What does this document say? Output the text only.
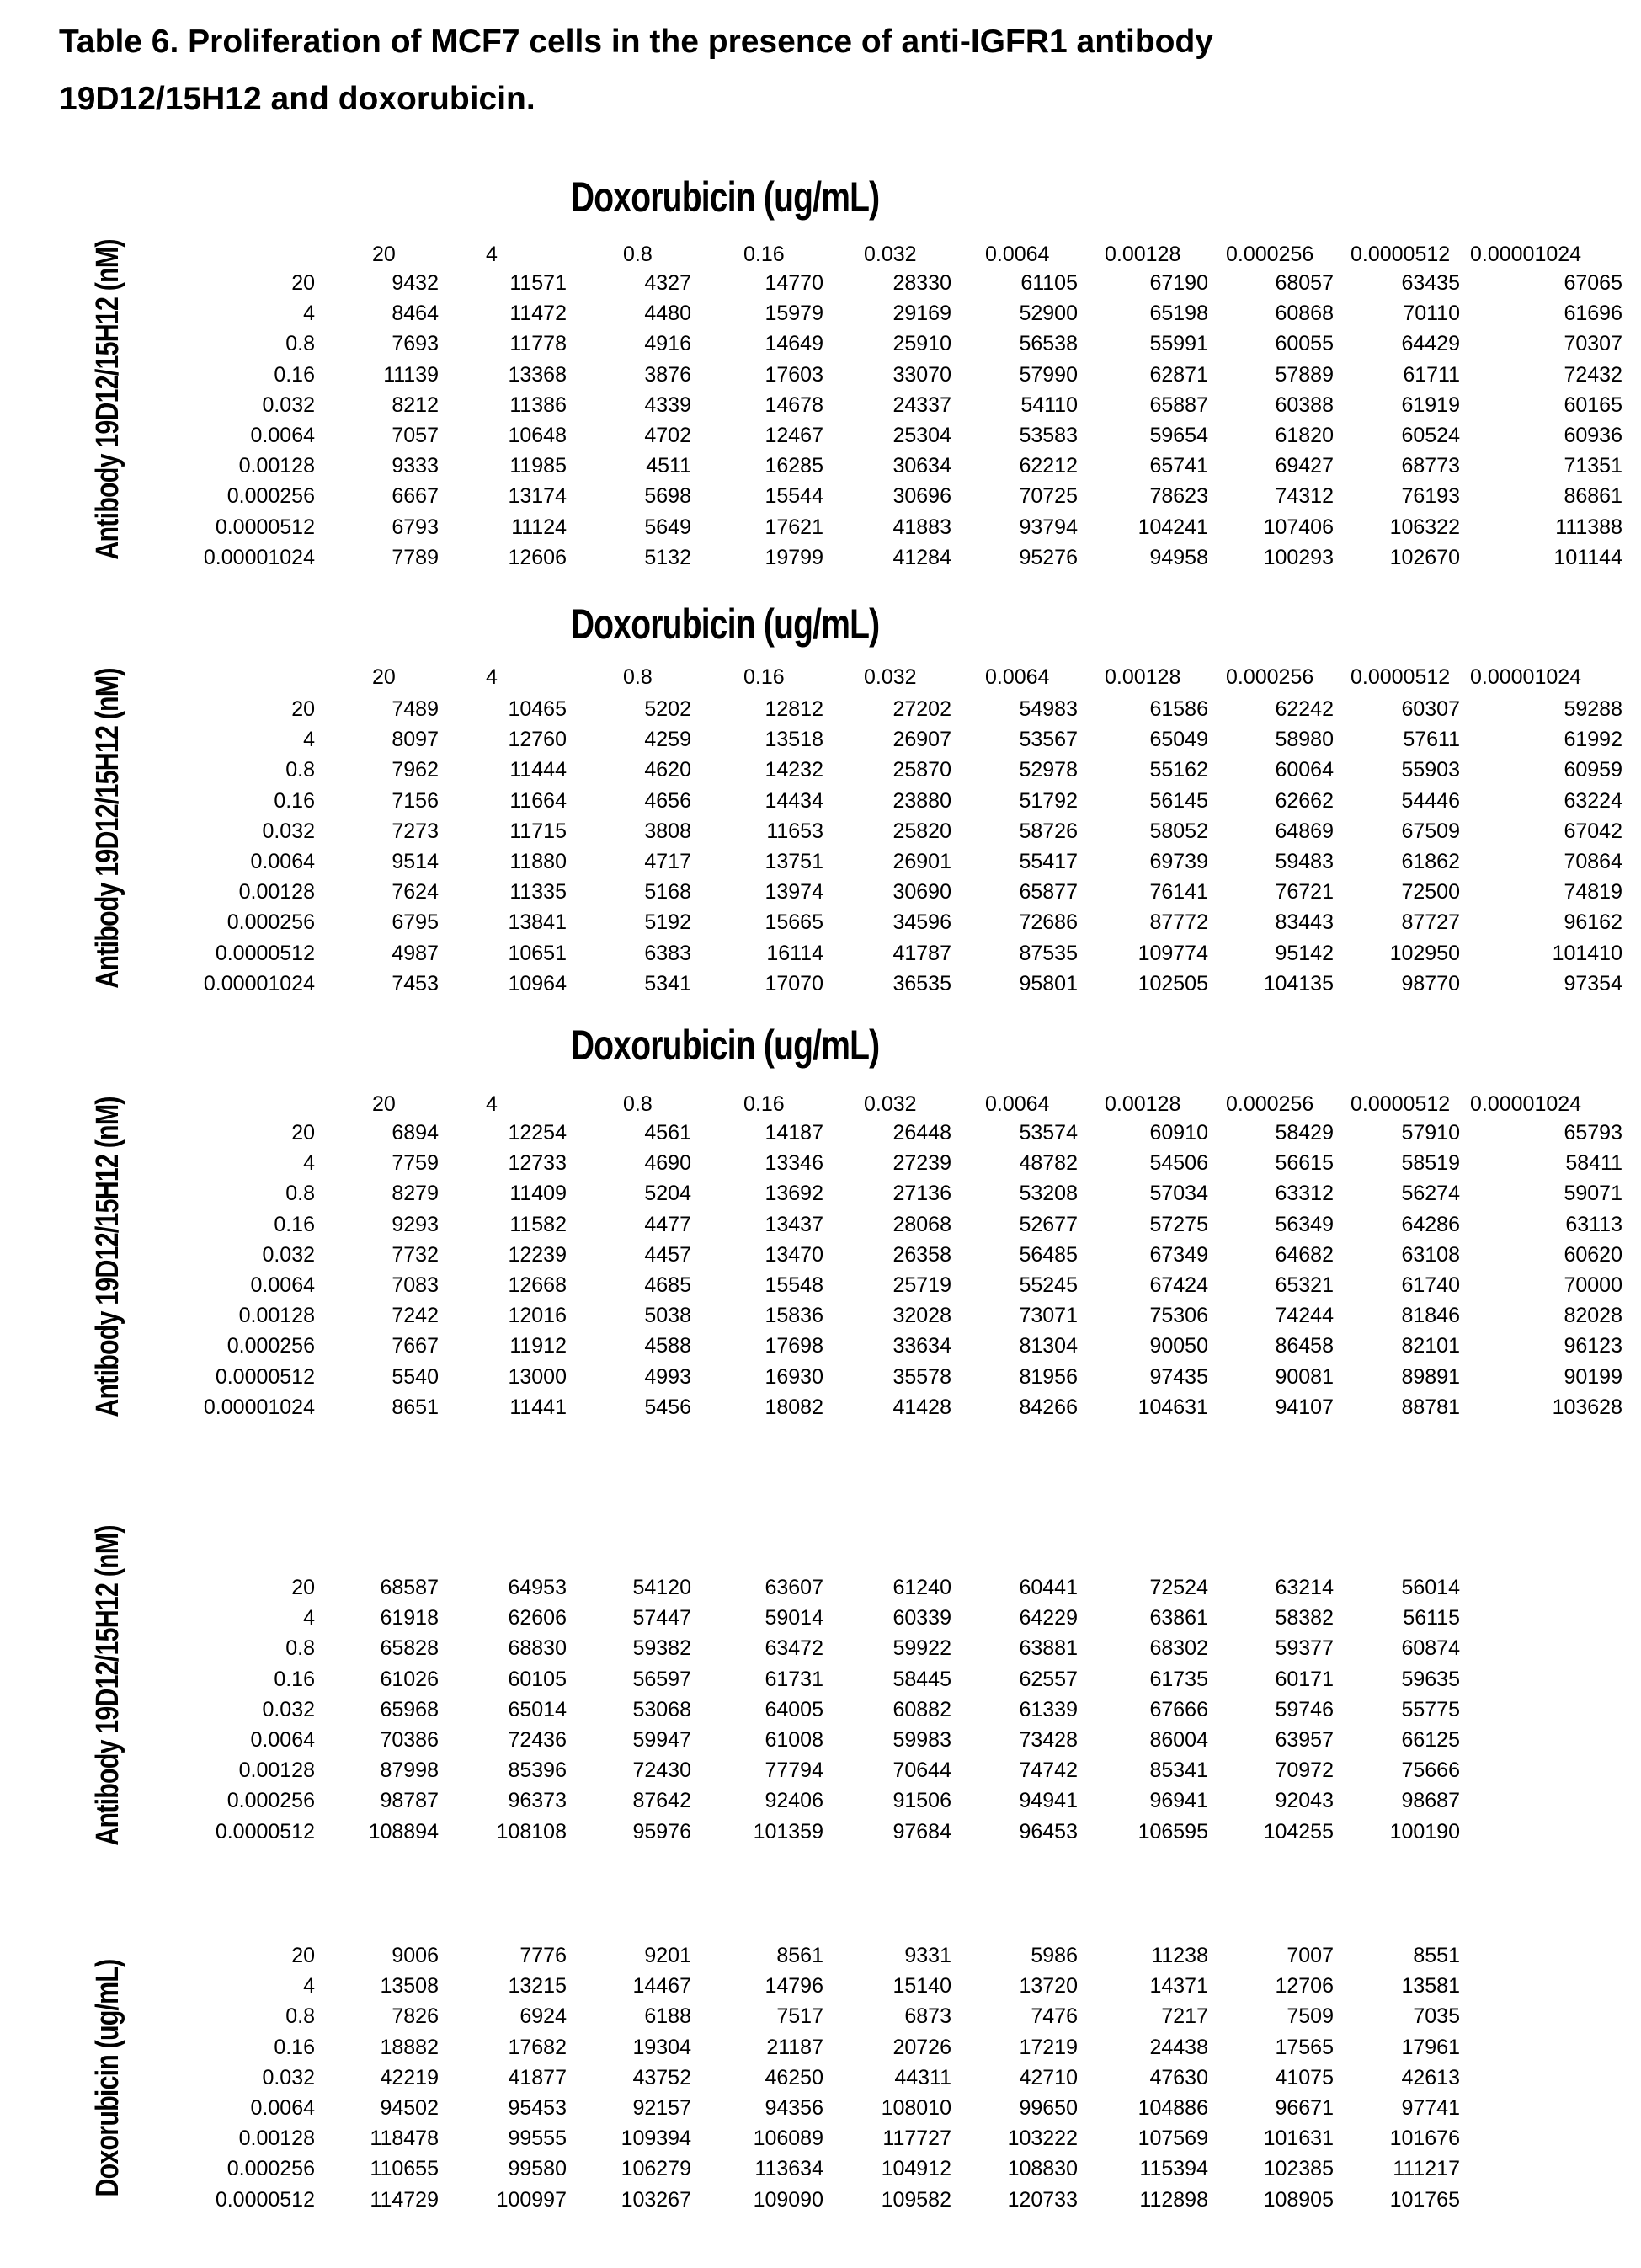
Table 6. Proliferation of MCF7 cells in the presence of anti-IGFR1 antibody
19D12/15H12 and doxorubicin.
Doxorubicin (ug/mL)
Antibody 19D12/15H12 (nM)	20	4	0.8	0.16	0.032	0.0064	0.00128 0.000256 0.0000512 0.00001024
20	9432	11571	4327	14770	28330	61105	67190	68057	63435	67065
4	8464	11472	4480	15979	29169	52900	65198	60868	70110	61696
0.8	7693	11778	4916	14649	25910	56538	55991	60055	64429	70307
0.16	11139	13368	3876	17603	33070	57990	62871	57889	61711	72432
0.032	8212	11386	4339	14678	24337	54110	65887	60388	61919	60165
0.0064	7057	10648	4702	12467	25304	53583	59654	61820	60524	60936
0.00128	9333	11985	4511	16285	30634	62212	65741	69427	68773	71351
0.000256	6667	13174	5698	15544	30696	70725	78623	74312	76193	86861
0.0000512	6793	11124	5649	17621	41883	93794	104241	107406	106322	111388
0.00001024	7789	12606	5132	19799	41284	95276	94958	100293	102670	101144
Doxorubicin (ug/mL)
Antibody 19D12/15H12 (nM)	20	4	0.8	0.16	0.032	0.0064	0.00128 0.000256 0.0000512 0.00001024
20	7489	10465	5202	12812	27202	54983	61586	62242	60307	59288
4	8097	12760	4259	13518	26907	53567	65049	58980	57611	61992
0.8	7962	11444	4620	14232	25870	52978	55162	60064	55903	60959
0.16	7156	11664	4656	14434	23880	51792	56145	62662	54446	63224
0.032	7273	11715	3808	11653	25820	58726	58052	64869	67509	67042
0.0064	9514	11880	4717	13751	26901	55417	69739	59483	61862	70864
0.00128	7624	11335	5168	13974	30690	65877	76141	76721	72500	74819
0.000256	6795	13841	5192	15665	34596	72686	87772	83443	87727	96162
0.0000512	4987	10651	6383	16114	41787	87535	109774	95142	102950	101410
0.00001024	7453	10964	5341	17070	36535	95801	102505	104135	98770	97354
Doxorubicin (ug/mL)
Antibody 19D12/15H12 (nM)	20	4	0.8	0.16	0.032	0.0064	0.00128 0.000256 0.0000512 0.00001024
20	6894	12254	4561	14187	26448	53574	60910	58429	57910	65793
4	7759	12733	4690	13346	27239	48782	54506	56615	58519	58411
0.8	8279	11409	5204	13692	27136	53208	57034	63312	56274	59071
0.16	9293	11582	4477	13437	28068	52677	57275	56349	64286	63113
0.032	7732	12239	4457	13470	26358	56485	67349	64682	63108	60620
0.0064	7083	12668	4685	15548	25719	55245	67424	65321	61740	70000
0.00128	7242	12016	5038	15836	32028	73071	75306	74244	81846	82028
0.000256	7667	11912	4588	17698	33634	81304	90050	86458	82101	96123
0.0000512	5540	13000	4993	16930	35578	81956	97435	90081	89891	90199
0.00001024	8651	11441	5456	18082	41428	84266	104631	94107	88781	103628
Antibody 19D12/15H12 (nM)	20	68587	64953	54120	63607	61240	60441	72524	63214	56014
4	61918	62606	57447	59014	60339	64229	63861	58382	56115
0.8	65828	68830	59382	63472	59922	63881	68302	59377	60874
0.16	61026	60105	56597	61731	58445	62557	61735	60171	59635
0.032	65968	65014	53068	64005	60882	61339	67666	59746	55775
0.0064	70386	72436	59947	61008	59983	73428	86004	63957	66125
0.00128	87998	85396	72430	77794	70644	74742	85341	70972	75666
0.000256	98787	96373	87642	92406	91506	94941	96941	92043	98687
0.0000512	108894	108108	95976	101359	97684	96453	106595	104255	100190
Doxorubicin (ug/mL)
20	9006	7776	9201	8561	9331	5986	11238	7007	8551
4	13508	13215	14467	14796	15140	13720	14371	12706	13581
0.8	7826	6924	6188	7517	6873	7476	7217	7509	7035
0.16	18882	17682	19304	21187	20726	17219	24438	17565	17961
0.032	42219	41877	43752	46250	44311	42710	47630	41075	42613
0.0064	94502	95453	92157	94356	108010	99650	104886	96671	97741
0.00128	118478	99555	109394	106089	117727	103222	107569	101631	101676
0.000256	110655	99580	106279	113634	104912	108830	115394	102385	111217
0.0000512	114729	100997	103267	109090	109582	120733	112898	108905	101765
